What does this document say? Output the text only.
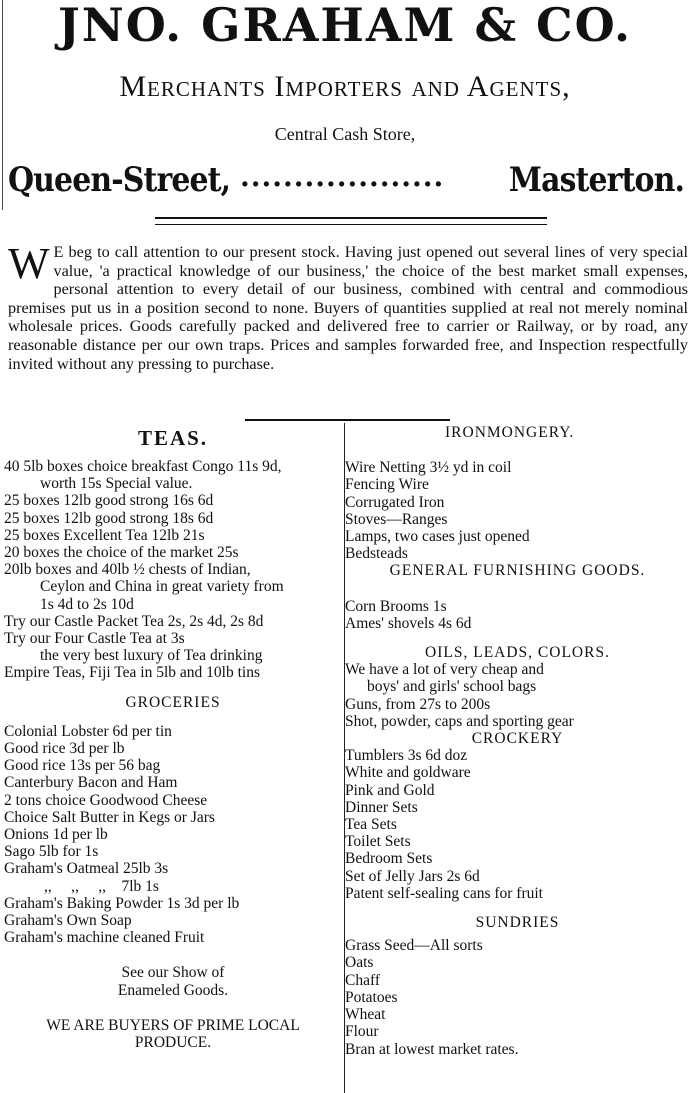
JNO. GRAHAM & CO.
Merchants Importers and Agents,
Central Cash Store,
Queen-Street, ................... Masterton.
W E beg to call attention to our present stock. Having just opened out several lines of very special value, 'a practical knowledge of our business,' the choice of the best market small expenses, personal attention to every detail of our business, combined with central and commodious premises put us in a position second to none. Buyers of quantities supplied at real not merely nominal wholesale prices. Goods carefully packed and delivered free to carrier or Railway, or by road, any reasonable distance per our own traps. Prices and samples forwarded free, and Inspection respectfully invited without any pressing to purchase.
TEAS.
40 5lb boxes choice breakfast Congo 11s 9d,
worth 15s Special value.
25 boxes 12lb good strong 16s 6d
25 boxes 12lb good strong 18s 6d
25 boxes Excellent Tea 12lb 21s
20 boxes the choice of the market 25s
20lb boxes and 40lb ½ chests of Indian,
Ceylon and China in great variety from
1s 4d to 2s 10d
Try our Castle Packet Tea 2s, 2s 4d, 2s 8d
Try our Four Castle Tea at 3s
the very best luxury of Tea drinking
Empire Teas, Fiji Tea in 5lb and 10lb tins
GROCERIES
Colonial Lobster 6d per tin
Good rice 3d per lb
Good rice 13s per 56 bag
Canterbury Bacon and Ham
2 tons choice Goodwood Cheese
Choice Salt Butter in Kegs or Jars
Onions 1d per lb
Sago 5lb for 1s
Graham's Oatmeal 25lb 3s
,,     ,,     ,,    7lb 1s
Graham's Baking Powder 1s 3d per lb
Graham's Own Soap
Graham's machine cleaned Fruit
See our Show of
Enameled Goods.
WE ARE BUYERS OF PRIME LOCAL
PRODUCE.
IRONMONGERY.
Wire Netting 3½ yd in coil
Fencing Wire
Corrugated Iron
Stoves—Ranges
Lamps, two cases just opened
Bedsteads
GENERAL FURNISHING GOODS.
Corn Brooms 1s
Ames' shovels 4s 6d
OILS, LEADS, COLORS.
We have a lot of very cheap and
boys' and girls' school bags
Guns, from 27s to 200s
Shot, powder, caps and sporting gear
CROCKERY
Tumblers 3s 6d doz
White and goldware
Pink and Gold
Dinner Sets
Tea Sets
Toilet Sets
Bedroom Sets
Set of Jelly Jars 2s 6d
Patent self-sealing cans for fruit
SUNDRIES
Grass Seed—All sorts
Oats
Chaff
Potatoes
Wheat
Flour
Bran at lowest market rates.
